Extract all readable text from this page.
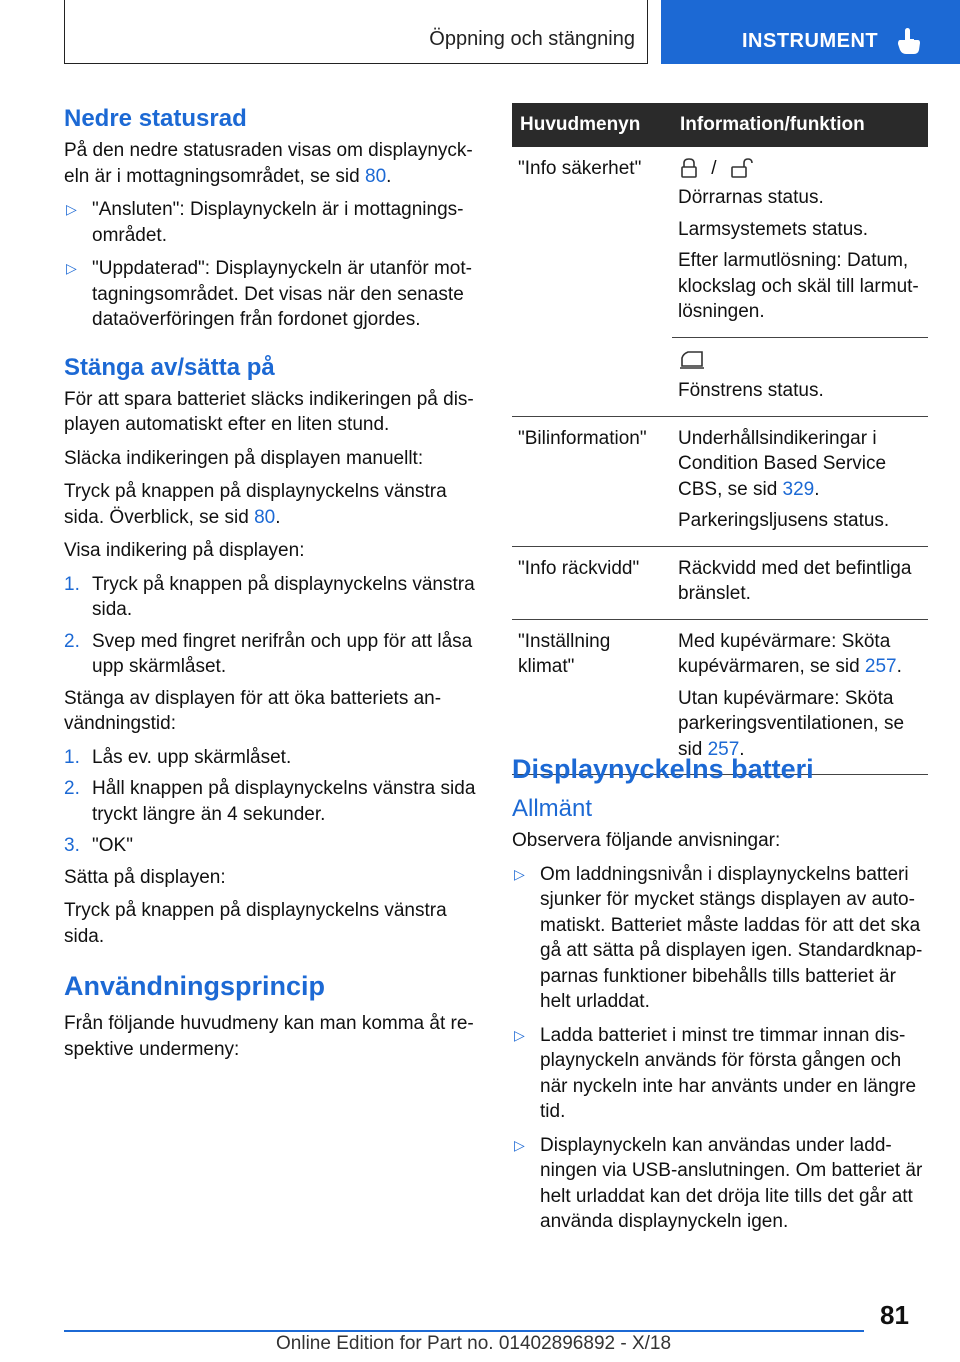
Öppning och stängning	INSTRUMENT
Nedre statusrad

På den nedre statusraden visas om displaynyck-eln är i mottagningsområdet, se sid 80.

▷ "Ansluten": Displaynyckeln är i mottagnings-området.
▷ "Uppdaterad": Displaynyckeln är utanför mot-tagningsområdet. Det visas när den senaste dataöverföringen från fordonet gjordes.
Stänga av/sätta på

För att spara batteriet släcks indikeringen på dis-playen automatiskt efter en liten stund.

Släcka indikeringen på displayen manuellt:

Tryck på knappen på displaynyckelns vänstra sida. Överblick, se sid 80.

Visa indikering på displayen:

1. Tryck på knappen på displaynyckelns vänstra sida.
2. Svep med fingret nerifrån och upp för att låsa upp skärmlåset.

Stänga av displayen för att öka batteriets an-vändningstid:

1. Lås ev. upp skärmlåset.
2. Håll knappen på displaynyckelns vänstra sida tryckt längre än 4 sekunder.
3. "OK"

Sätta på displayen:

Tryck på knappen på displaynyckelns vänstra sida.

Användningsprincip

Från följande huvudmeny kan man komma åt re-spektive undermeny:

Huvudmenyn	Information/funktion
"Info säkerhet"	/

Dörrarnas status.

Larmsystemets status.

Efter larmutlösning: Datum, klockslag och skäl till larmut-lösningen.

	Fönstrens status.

"Bilinformation"	Underhållsindikeringar i Condition Based Service CBS, se sid 329.

Parkeringsljusens status.

"Info räckvidd"	Räckvidd med det befintliga bränslet.

"Inställning klimat"	Med kupévärmare: Sköta kupévärmaren, se sid 257.

Utan kupévärmare: Sköta parkeringsventilationen, se sid 257.

Displaynyckelns batteri
Allmänt

Observera följande anvisningar:

▷ Om laddningsnivån i displaynyckelns batteri sjunker för mycket stängs displayen av auto-matiskt. Batteriet måste laddas för att det ska gå att sätta på displayen igen. Standardknap-parnas funktioner bibehålls tills batteriet är helt urladdat.
▷ Ladda batteriet i minst tre timmar innan dis-playnyckeln används för första gången och när nyckeln inte har använts under en längre tid.
▷ Displaynyckeln kan användas under ladd-ningen via USB-anslutningen. Om batteriet är helt urladdat kan det dröja lite tills det går att använda displaynyckeln igen.
81
Online Edition for Part no. 01402896892 - X/18
